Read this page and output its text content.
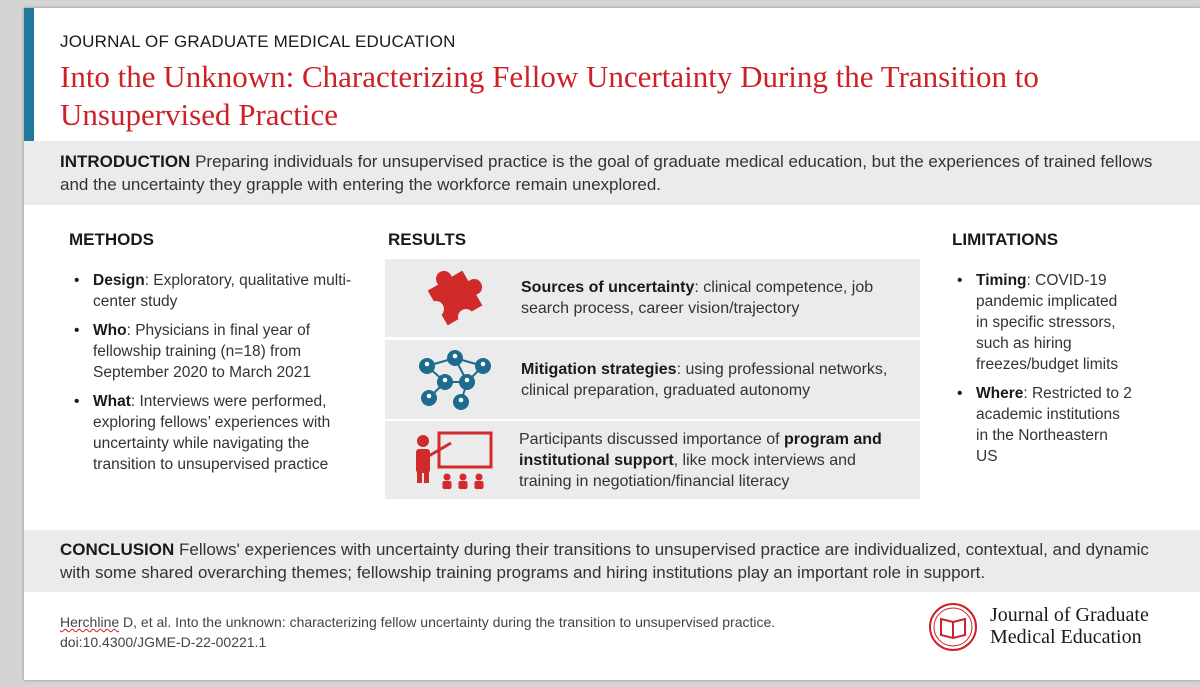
JOURNAL OF GRADUATE MEDICAL EDUCATION
Into the Unknown: Characterizing Fellow Uncertainty During the Transition to Unsupervised Practice
INTRODUCTION Preparing individuals for unsupervised practice is the goal of graduate medical education, but the experiences of trained fellows and the uncertainty they grapple with entering the workforce remain unexplored.
METHODS
• Design: Exploratory, qualitative multi-center study
• Who: Physicians in final year of fellowship training (n=18) from September 2020 to March 2021
• What: Interviews were performed, exploring fellows’ experiences with uncertainty while navigating the transition to unsupervised practice
RESULTS
Sources of uncertainty: clinical competence, job search process, career vision/trajectory
Mitigation strategies: using professional networks, clinical preparation, graduated autonomy
Participants discussed importance of program and institutional support, like mock interviews and training in negotiation/financial literacy
LIMITATIONS
• Timing: COVID-19 pandemic implicated in specific stressors, such as hiring freezes/budget limits
• Where: Restricted to 2 academic institutions in the Northeastern US
CONCLUSION Fellows' experiences with uncertainty during their transitions to unsupervised practice are individualized, contextual, and dynamic with some shared overarching themes; fellowship training programs and hiring institutions play an important role in support.
Herchline D, et al. Into the unknown: characterizing fellow uncertainty during the transition to unsupervised practice.
doi:10.4300/JGME-D-22-00221.1
Journal of Graduate
Medical Education
